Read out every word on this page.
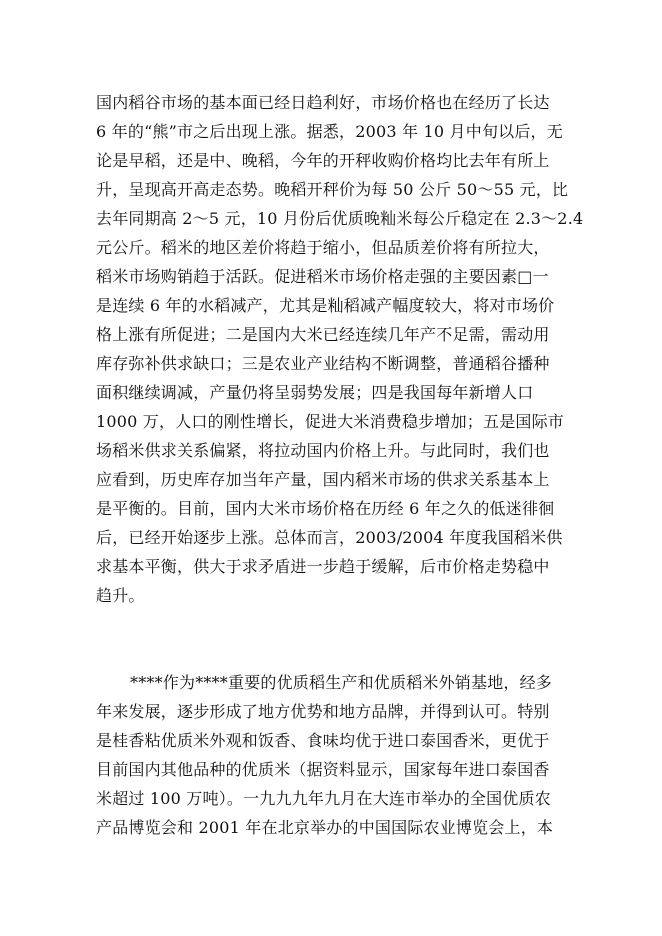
国内稻谷市场的基本面已经日趋利好，市场价格也在经历了长达
6 年的“熊”市之后出现上涨。据悉，2003 年 10 月中旬以后，无
论是早稻，还是中、晚稻，今年的开秤收购价格均比去年有所上
升，呈现高开高走态势。晚稻开秤价为每 50 公斤 50～55 元，比
去年同期高 2～5 元，10 月份后优质晚籼米每公斤稳定在 2.3～2.4
元公斤。稻米的地区差价将趋于缩小，但品质差价将有所拉大，
稻米市场购销趋于活跃。促进稻米市场价格走强的主要因素□一
是连续 6 年的水稻减产，尤其是籼稻减产幅度较大，将对市场价
格上涨有所促进；二是国内大米已经连续几年产不足需，需动用
库存弥补供求缺口；三是农业产业结构不断调整，普通稻谷播种
面积继续调减，产量仍将呈弱势发展；四是我国每年新增人口
1000 万，人口的刚性增长，促进大米消费稳步增加；五是国际市
场稻米供求关系偏紧，将拉动国内价格上升。与此同时，我们也
应看到，历史库存加当年产量，国内稻米市场的供求关系基本上
是平衡的。目前，国内大米市场价格在历经 6 年之久的低迷徘徊
后，已经开始逐步上涨。总体而言，2003/2004 年度我国稻米供
求基本平衡，供大于求矛盾进一步趋于缓解，后市价格走势稳中
趋升。
****作为****重要的优质稻生产和优质稻米外销基地，经多
年来发展，逐步形成了地方优势和地方品牌，并得到认可。特别
是桂香粘优质米外观和饭香、食味均优于进口泰国香米，更优于
目前国内其他品种的优质米（据资料显示，国家每年进口泰国香
米超过 100 万吨）。一九九九年九月在大连市举办的全国优质农
产品博览会和 2001 年在北京举办的中国国际农业博览会上，本
